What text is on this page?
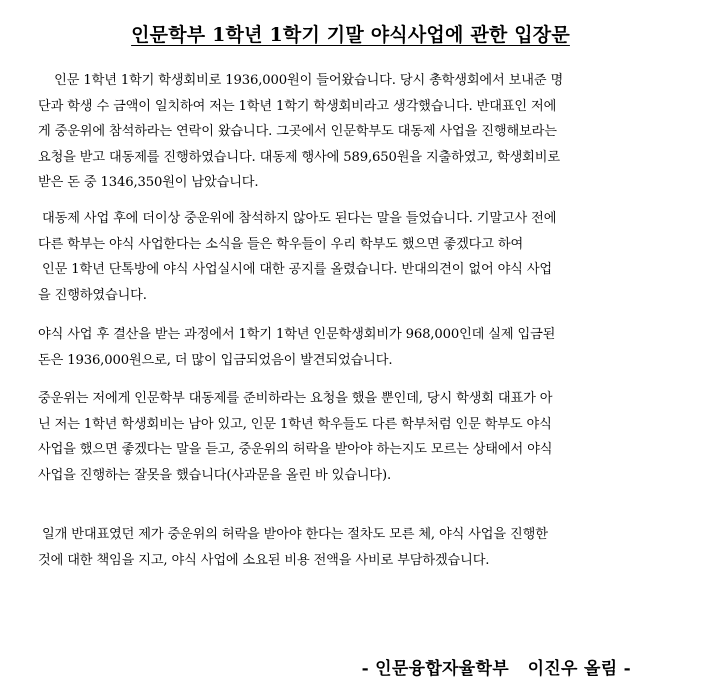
인문학부 1학년 1학기 기말 야식사업에 관한 입장문

인문 1학년 1학기 학생회비로 1936,000원이 들어왔습니다. 당시 총학생회에서 보내준 명
단과 학생 수 금액이 일치하여 저는 1학년 1학기 학생회비라고 생각했습니다. 반대표인 저에
게 중운위에 참석하라는 연락이 왔습니다. 그곳에서 인문학부도 대동제 사업을 진행해보라는
요청을 받고 대동제를 진행하였습니다. 대동제 행사에 589,650원을 지출하였고, 학생회비로
받은 돈 중 1346,350원이 남았습니다.

대동제 사업 후에 더이상 중운위에 참석하지 않아도 된다는 말을 들었습니다. 기말고사 전에
다른 학부는 야식 사업한다는 소식을 들은 학우들이 우리 학부도 했으면 좋겠다고 하여
인문 1학년 단톡방에 야식 사업실시에 대한 공지를 올렸습니다. 반대의견이 없어 야식 사업
을 진행하였습니다.

야식 사업 후 결산을 받는 과정에서 1학기 1학년 인문학생회비가 968,000인데 실제 입금된
돈은 1936,000원으로, 더 많이 입금되었음이 발견되었습니다.

중운위는 저에게 인문학부 대동제를 준비하라는 요청을 했을 뿐인데, 당시 학생회 대표가 아
닌 저는 1학년 학생회비는 남아 있고, 인문 1학년 학우들도 다른 학부처럼 인문 학부도 야식
사업을 했으면 좋겠다는 말을 듣고, 중운위의 허락을 받아야 하는지도 모르는 상태에서 야식
사업을 진행하는 잘못을 했습니다(사과문을 올린 바 있습니다).

일개 반대표였던 제가 중운위의 허락을 받아야 한다는 절차도 모른 체, 야식 사업을 진행한
것에 대한 책임을 지고, 야식 사업에 소요된 비용 전액을 사비로 부담하겠습니다.

- 인문융합자율학부   이진우 올림 -
